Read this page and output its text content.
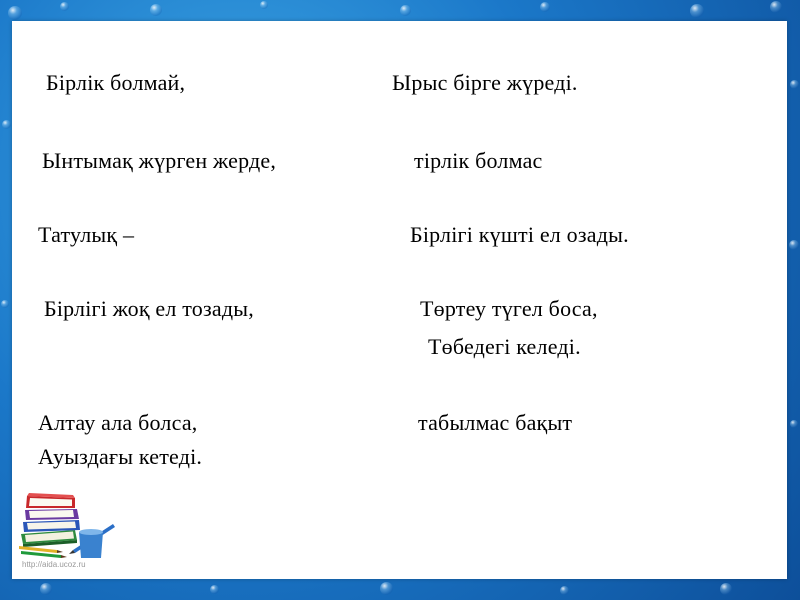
Бірлік болмай,	Ырыс бірге жүреді.
Ынтымақ жүрген жерде,	тірлік болмас
Татулық –	Бірлігі күшті ел озады.
Бірлігі жоқ ел тозады,	Төртеу түгел боса,
Төбедегі келеді.
Алтау ала болса,	табылмас бақыт
Ауыздағы кетеді.
http://aida.ucoz.ru
